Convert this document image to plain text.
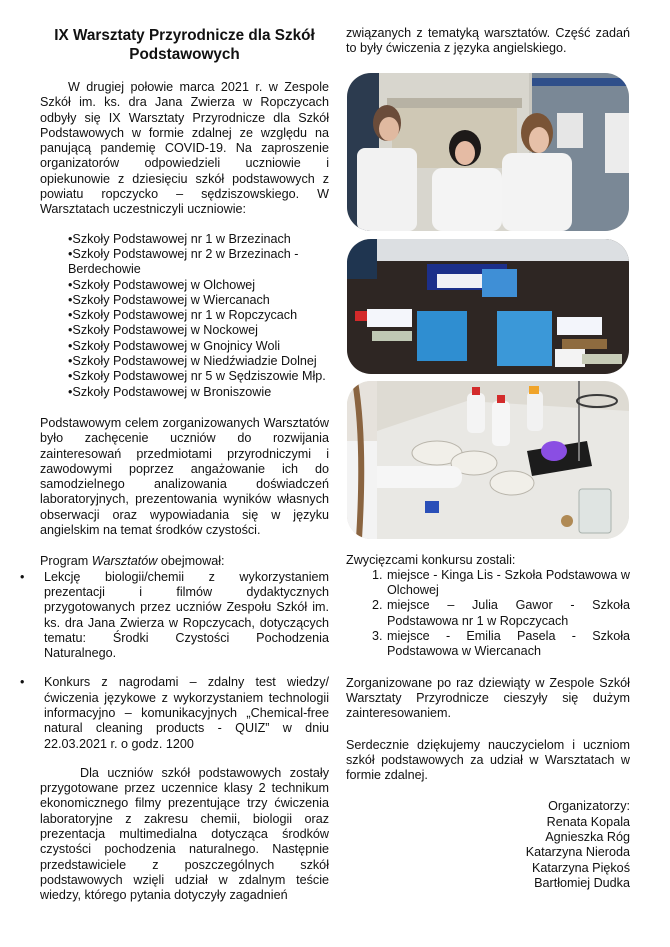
IX Warsztaty Przyrodnicze dla Szkół Podstawowych

W drugiej połowie marca 2021 r. w Zespole Szkół im. ks. dra Jana Zwierza w Ropczycach odbyły się IX Warsztaty Przyrodnicze dla Szkół Podstawowych w formie zdalnej ze względu na panującą pandemię COVID-19. Na zaproszenie organizatorów odpowiedzieli uczniowie i opiekunowie z dziesięciu szkół podstawowych z powiatu ropczycko – sędziszowskiego. W Warsztatach uczestniczyli uczniowie:

• Szkoły Podstawowej nr 1 w Brzezinach
• Szkoły Podstawowej nr 2 w Brzezinach - Berdechowie
• Szkoły Podstawowej w Olchowej
• Szkoły Podstawowej w Wiercanach
• Szkoły Podstawowej nr 1 w Ropczycach
• Szkoły Podstawowej w Nockowej
• Szkoły Podstawowej w Gnojnicy Woli
• Szkoły Podstawowej w Niedźwiadzie Dolnej
• Szkoły Podstawowej nr 5 w Sędziszowie Młp.
• Szkoły Podstawowej w Broniszowie

Podstawowym celem zorganizowanych Warsztatów było zachęcenie uczniów do rozwijania zainteresowań przedmiotami przyrodniczymi i zawodowymi poprzez angażowanie ich do samodzielnego analizowania doświadczeń laboratoryjnych, prezentowania wyników własnych obserwacji oraz wypowiadania się w języku angielskim na temat środków czystości.

Program Warsztatów obejmował:

• Lekcję biologii/chemii z wykorzystaniem prezentacji i filmów dydaktycznych przygotowanych przez uczniów Zespołu Szkół im. ks. dra Jana Zwierza w Ropczycach, dotyczących tematu: Środki Czystości Pochodzenia Naturalnego.
• Konkurs z nagrodami – zdalny test wiedzy/ćwiczenia językowe z wykorzystaniem technologii informacyjno – komunikacyjnych „Chemical-free natural cleaning products - QUIZ” w dniu 22.03.2021 r. o godz. 1200

Dla uczniów szkół podstawowych zostały przygotowane przez uczennice klasy 2 technikum ekonomicznego filmy prezentujące trzy ćwiczenia laboratoryjne z zakresu chemii, biologii oraz prezentacja multimedialna dotycząca środków czystości pochodzenia naturalnego. Następnie przedstawiciele z poszczególnych szkół podstawowych wzięli udział w zdalnym teście wiedzy, którego pytania dotyczyły zagadnień

związanych z tematyką warsztatów. Część zadań to były ćwiczenia z języka angielskiego.

Zwycięzcami konkursu zostali:

1. miejsce - Kinga Lis - Szkoła Podstawowa w Olchowej
2. miejsce – Julia Gawor - Szkoła Podstawowa nr 1 w Ropczycach
3. miejsce - Emilia Pasela - Szkoła Podstawowa w Wiercanach

Zorganizowane po raz dziewiąty w Zespole Szkół Warsztaty Przyrodnicze cieszyły się dużym zainteresowaniem.

Serdecznie dziękujemy nauczycielom i uczniom szkół podstawowych za udział w Warsztatach w formie zdalnej.

Organizatorzy:
Renata Kopala
Agnieszka Róg
Katarzyna Nieroda
Katarzyna Piękoś
Bartłomiej Dudka
